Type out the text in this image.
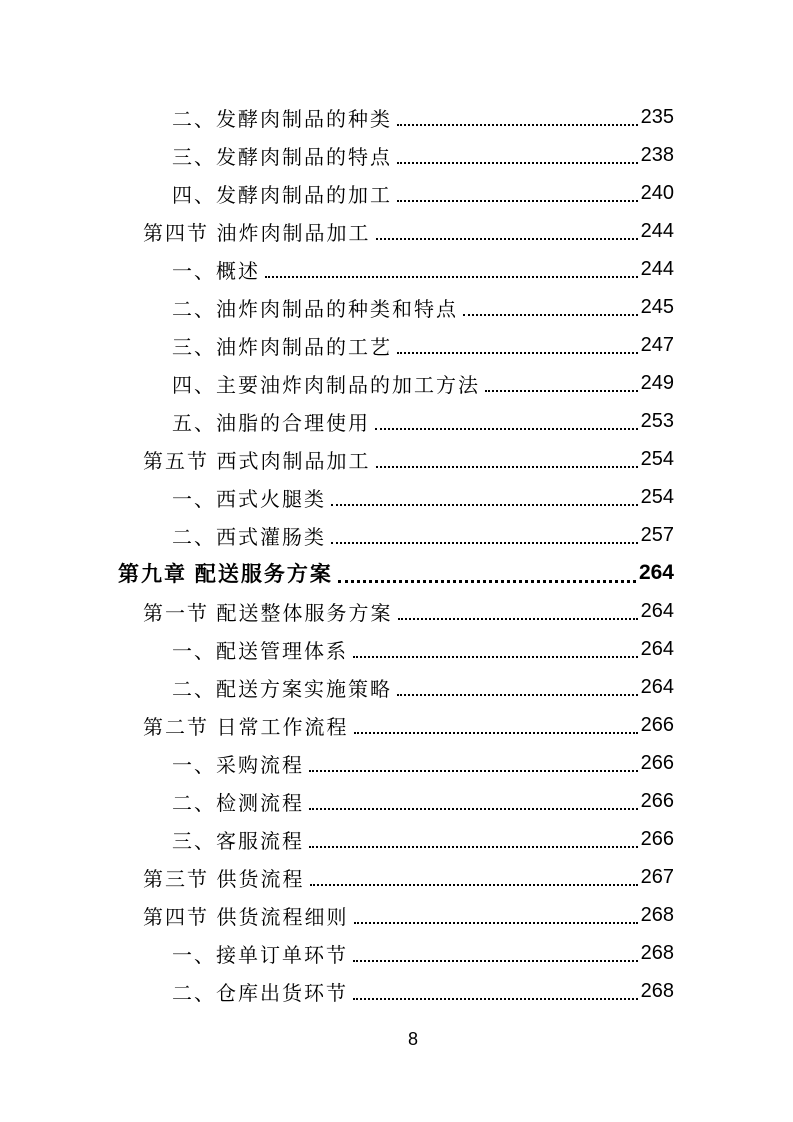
二、发酵肉制品的种类	235
三、发酵肉制品的特点	238
四、发酵肉制品的加工	240
第四节 油炸肉制品加工	244
一、概述	244
二、油炸肉制品的种类和特点	245
三、油炸肉制品的工艺	247
四、主要油炸肉制品的加工方法	249
五、油脂的合理使用	253
第五节 西式肉制品加工	254
一、西式火腿类	254
二、西式灌肠类	257
第九章 配送服务方案	264
第一节 配送整体服务方案	264
一、配送管理体系	264
二、配送方案实施策略	264
第二节 日常工作流程	266
一、采购流程	266
二、检测流程	266
三、客服流程	266
第三节 供货流程	267
第四节 供货流程细则	268
一、接单订单环节	268
二、仓库出货环节	268
8
